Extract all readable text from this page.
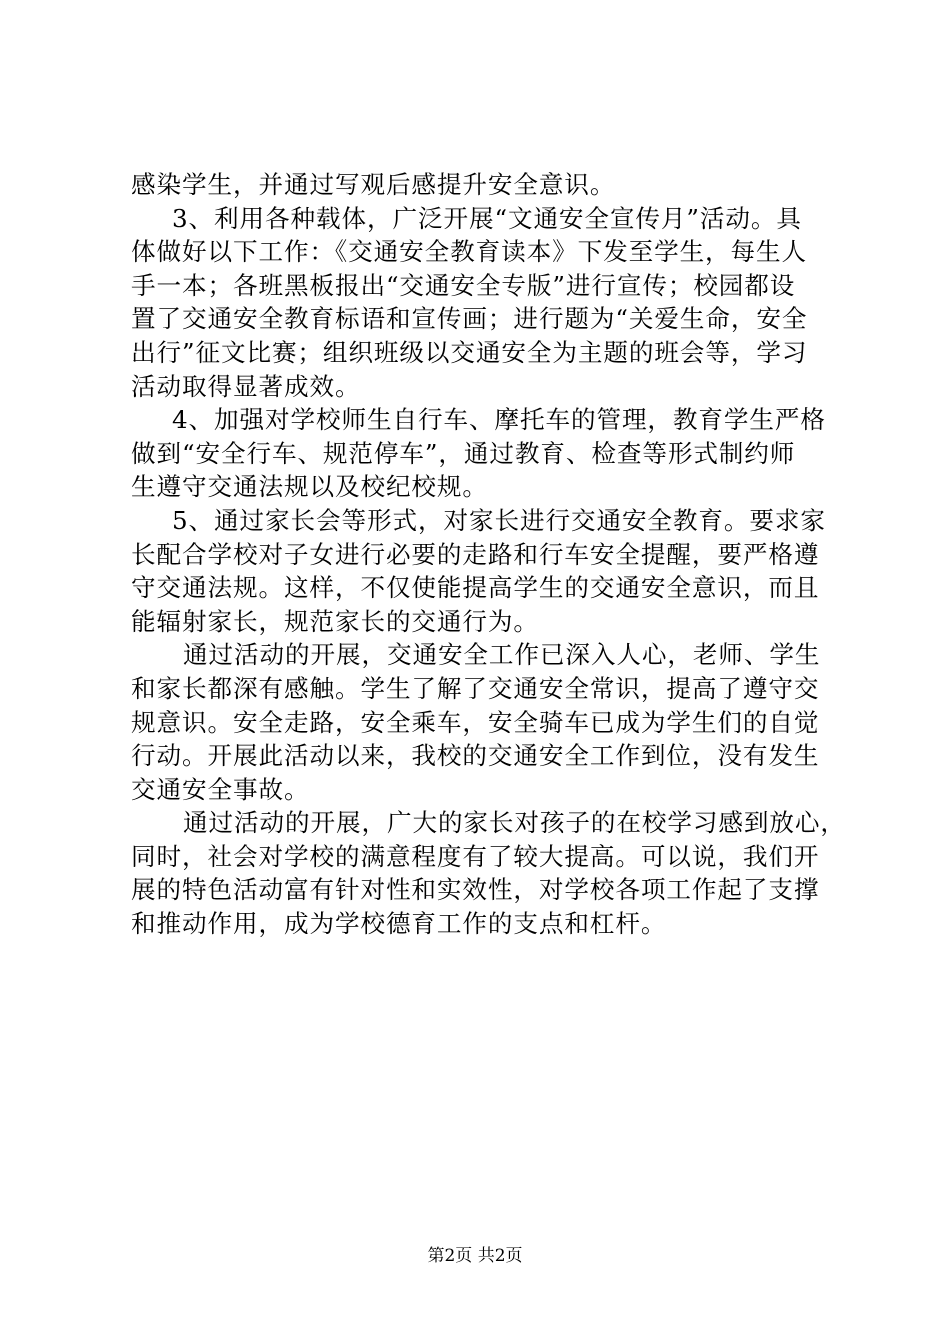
感染学生，并通过写观后感提升安全意识。
3、利用各种载体，广泛开展“文通安全宣传月”活动。具
体做好以下工作：《交通安全教育读本》下发至学生，每生人
手一本；各班黑板报出“交通安全专版”进行宣传；校园都设
置了交通安全教育标语和宣传画；进行题为“关爱生命，安全
出行”征文比赛；组织班级以交通安全为主题的班会等，学习
活动取得显著成效。
4、加强对学校师生自行车、摩托车的管理，教育学生严格
做到“安全行车、规范停车”，通过教育、检查等形式制约师
生遵守交通法规以及校纪校规。
5、通过家长会等形式，对家长进行交通安全教育。要求家
长配合学校对子女进行必要的走路和行车安全提醒，要严格遵
守交通法规。这样，不仅使能提高学生的交通安全意识，而且
能辐射家长，规范家长的交通行为。
通过活动的开展，交通安全工作已深入人心，老师、学生
和家长都深有感触。学生了解了交通安全常识，提高了遵守交
规意识。安全走路，安全乘车，安全骑车已成为学生们的自觉
行动。开展此活动以来，我校的交通安全工作到位，没有发生
交通安全事故。
通过活动的开展，广大的家长对孩子的在校学习感到放心，
同时，社会对学校的满意程度有了较大提高。可以说，我们开
展的特色活动富有针对性和实效性，对学校各项工作起了支撑
和推动作用，成为学校德育工作的支点和杠杆。
第2页 共2页
